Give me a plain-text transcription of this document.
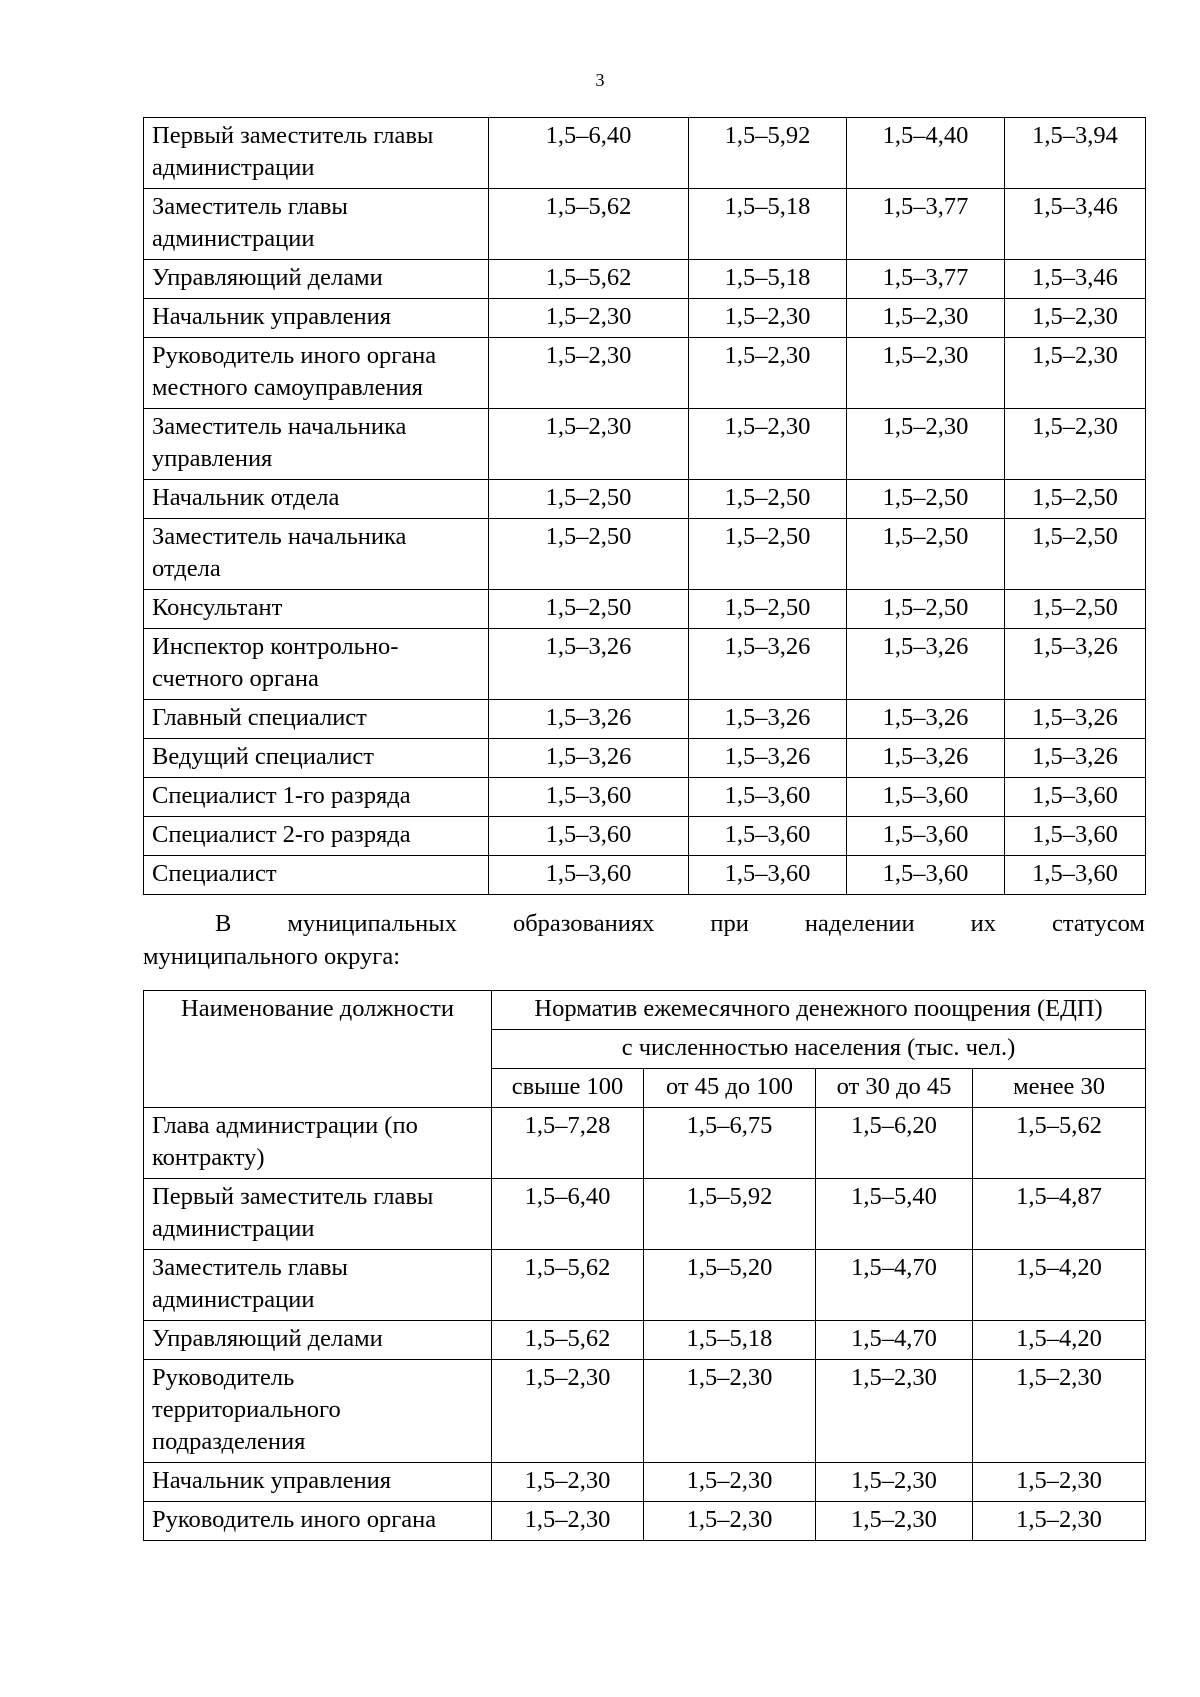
3
Первый заместитель главы администрации	1,5–6,40	1,5–5,92	1,5–4,40	1,5–3,94
Заместитель главы администрации	1,5–5,62	1,5–5,18	1,5–3,77	1,5–3,46
Управляющий делами	1,5–5,62	1,5–5,18	1,5–3,77	1,5–3,46
Начальник управления	1,5–2,30	1,5–2,30	1,5–2,30	1,5–2,30
Руководитель иного органа местного самоуправления	1,5–2,30	1,5–2,30	1,5–2,30	1,5–2,30
Заместитель начальника управления	1,5–2,30	1,5–2,30	1,5–2,30	1,5–2,30
Начальник отдела	1,5–2,50	1,5–2,50	1,5–2,50	1,5–2,50
Заместитель начальника отдела	1,5–2,50	1,5–2,50	1,5–2,50	1,5–2,50
Консультант	1,5–2,50	1,5–2,50	1,5–2,50	1,5–2,50
Инспектор контрольно-счетного органа	1,5–3,26	1,5–3,26	1,5–3,26	1,5–3,26
Главный специалист	1,5–3,26	1,5–3,26	1,5–3,26	1,5–3,26
Ведущий специалист	1,5–3,26	1,5–3,26	1,5–3,26	1,5–3,26
Специалист 1-го разряда	1,5–3,60	1,5–3,60	1,5–3,60	1,5–3,60
Специалист 2-го разряда	1,5–3,60	1,5–3,60	1,5–3,60	1,5–3,60
Специалист	1,5–3,60	1,5–3,60	1,5–3,60	1,5–3,60
В муниципальных образованиях при наделении их статусом
муниципального округа:
Наименование должности	Норматив ежемесячного денежного поощрения (ЕДП)			
	с численностью населения (тыс. чел.)			
	свыше 100	от 45 до 100	от 30 до 45	менее 30
Глава администрации (по контракту)	1,5–7,28	1,5–6,75	1,5–6,20	1,5–5,62
Первый заместитель главы администрации	1,5–6,40	1,5–5,92	1,5–5,40	1,5–4,87
Заместитель главы администрации	1,5–5,62	1,5–5,20	1,5–4,70	1,5–4,20
Управляющий делами	1,5–5,62	1,5–5,18	1,5–4,70	1,5–4,20
Руководитель территориального подразделения	1,5–2,30	1,5–2,30	1,5–2,30	1,5–2,30
Начальник управления	1,5–2,30	1,5–2,30	1,5–2,30	1,5–2,30
Руководитель иного органа	1,5–2,30	1,5–2,30	1,5–2,30	1,5–2,30
